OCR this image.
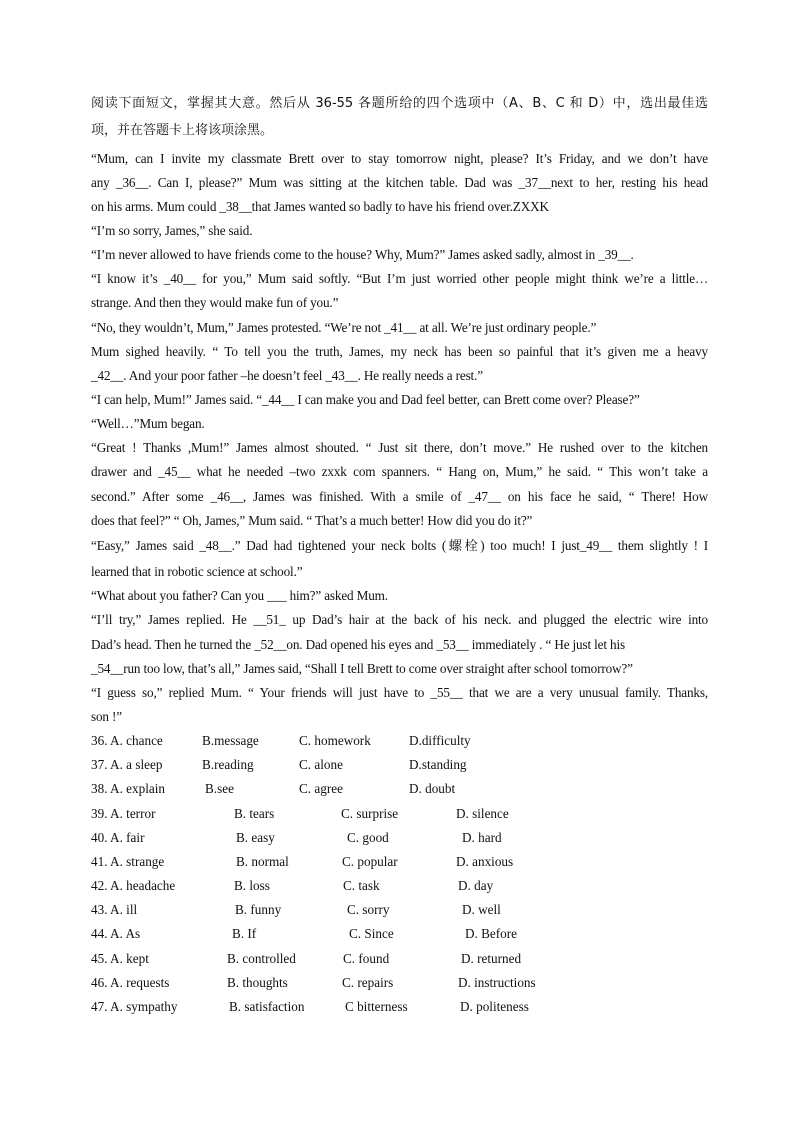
阅读下面短文，掌握其大意。然后从 36-55 各题所给的四个选项中（A、B、C 和 D）中，选出最佳选
项，并在答题卡上将该项涂黑。
“Mum, can I invite my classmate Brett over to stay tomorrow night, please? It’s Friday, and we don’t have
any _36__. Can I, please?” Mum was sitting at the kitchen table. Dad was _37__next to her, resting his head
on his arms. Mum could _38__that James wanted so badly to have his friend over.ZXXK
“I’m so sorry, James,” she said.
“I’m never allowed to have friends come to the house? Why, Mum?” James asked sadly, almost in _39__.
“I know it’s _40__ for you,” Mum said softly. “But I’m just worried other people might think we’re a little…
strange. And then they would make fun of you.”
“No, they wouldn’t, Mum,” James protested. “We’re not _41__ at all. We’re just ordinary people.”
Mum sighed heavily. “ To tell you the truth, James, my neck has been so painful that it’s given me a heavy
_42__. And your poor father –he doesn’t feel _43__. He really needs a rest.”
“I can help, Mum!” James said. “_44__ I can make you and Dad feel better, can Brett come over? Please?”
“Well…”Mum began.
“Great ! Thanks ,Mum!” James almost shouted. “ Just sit there, don’t move.” He rushed over to the kitchen
drawer and _45__ what he needed –two zxxk com spanners. “ Hang on, Mum,” he said. “ This won’t take a
second.” After some _46__, James was finished. With a smile of _47__ on his face he said, “ There! How
does that feel?” “ Oh, James,” Mum said. “ That’s a much better! How did you do it?”
“Easy,” James said _48__.” Dad had tightened your neck bolts (螺栓) too much! I just_49__ them slightly ! I
learned that in robotic science at school.”
“What about you father? Can you ___ him?” asked Mum.
“I’ll try,” James replied. He __51_ up Dad’s hair at the back of his neck. and plugged the electric wire into
Dad’s head. Then he turned the _52__on. Dad opened his eyes and _53__ immediately . “ He just let his
_54__run too low, that’s all,” James said, “Shall I tell Brett to come over straight after school tomorrow?”
“I guess so,” replied Mum. “ Your friends will just have to _55__ that we are a very unusual family. Thanks,
son !”
36. A. chance	B.message	C. homework	D.difficulty
37. A. a sleep	B.reading	C. alone	D.standing
38. A. explain	B.see	C. agree	D. doubt
39. A. terror	B. tears	C. surprise	D. silence
40. A. fair	B. easy	C. good	D. hard
41. A. strange	B. normal	C. popular	D. anxious
42. A. headache	B. loss	C. task	D. day
43. A. ill	B. funny	C. sorry	D. well
44. A. As	B. If	C. Since	D. Before
45. A. kept	B. controlled	C. found	D. returned
46. A. requests	B. thoughts	C. repairs	D. instructions
47. A. sympathy	B. satisfaction	C bitterness	D. politeness
